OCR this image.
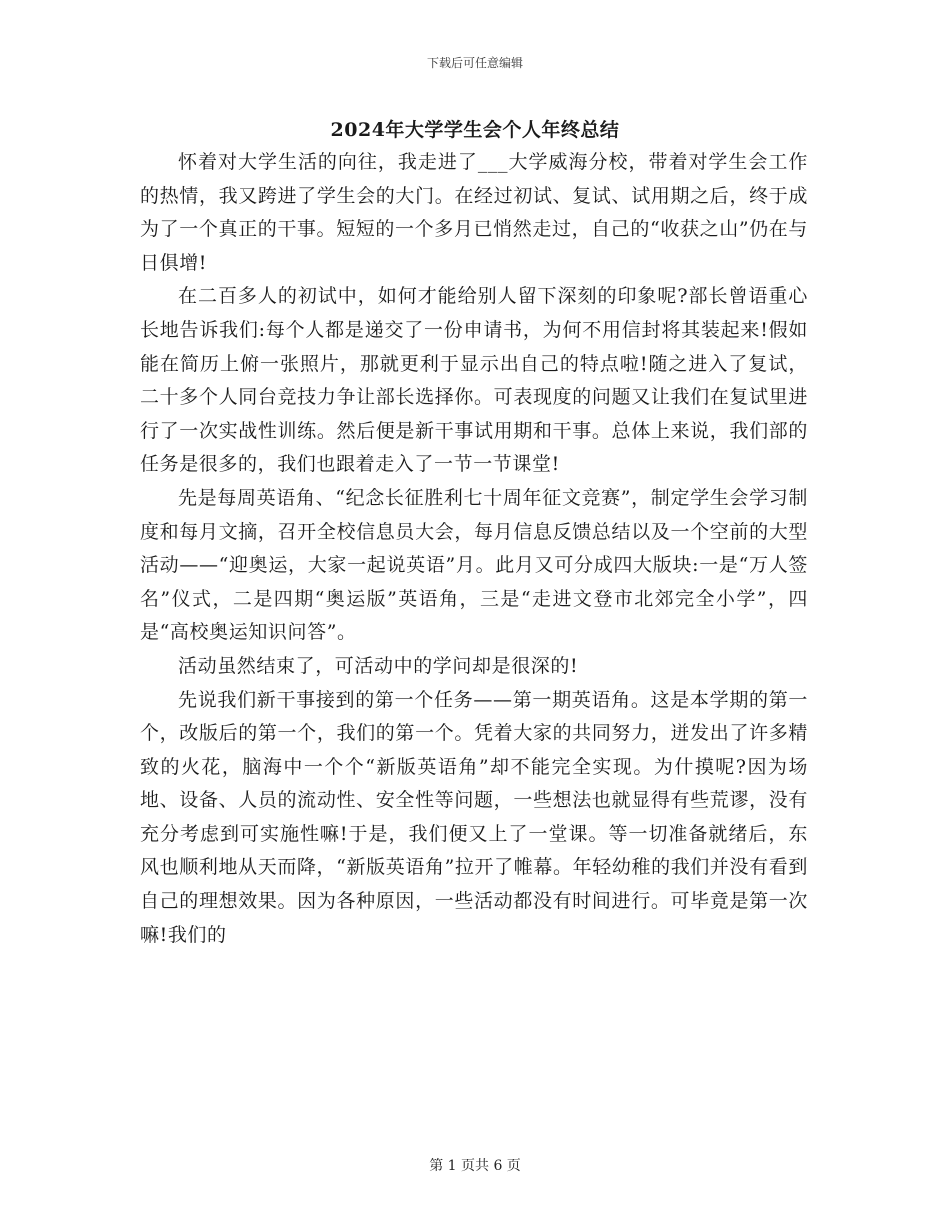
下载后可任意编辑
2024年大学学生会个人年终总结

怀着对大学生活的向往，我走进了___大学威海分校，带着对学生会工作的热情，我又跨进了学生会的大门。在经过初试、复试、试用期之后，终于成为了一个真正的干事。短短的一个多月已悄然走过，自己的“收获之山”仍在与日俱增!

在二百多人的初试中，如何才能给别人留下深刻的印象呢?部长曾语重心长地告诉我们:每个人都是递交了一份申请书，为何不用信封将其装起来!假如能在简历上俯一张照片，那就更利于显示出自己的特点啦!随之进入了复试，二十多个人同台竞技力争让部长选择你。可表现度的问题又让我们在复试里进行了一次实战性训练。然后便是新干事试用期和干事。总体上来说，我们部的任务是很多的，我们也跟着走入了一节一节课堂!

先是每周英语角、“纪念长征胜利七十周年征文竞赛”，制定学生会学习制度和每月文摘，召开全校信息员大会，每月信息反馈总结以及一个空前的大型活动——“迎奥运，大家一起说英语”月。此月又可分成四大版块:一是“万人签名”仪式，二是四期“奥运版”英语角，三是“走进文登市北郊完全小学”，四是“高校奥运知识问答”。

活动虽然结束了，可活动中的学问却是很深的!

先说我们新干事接到的第一个任务——第一期英语角。这是本学期的第一个，改版后的第一个，我们的第一个。凭着大家的共同努力，迸发出了许多精致的火花，脑海中一个个“新版英语角”却不能完全实现。为什摸呢?因为场地、设备、人员的流动性、安全性等问题，一些想法也就显得有些荒谬，没有充分考虑到可实施性嘛!于是，我们便又上了一堂课。等一切准备就绪后，东风也顺利地从天而降，“新版英语角”拉开了帷幕。年轻幼稚的我们并没有看到自己的理想效果。因为各种原因，一些活动都没有时间进行。可毕竟是第一次嘛!我们的

第 1 页共 6 页
